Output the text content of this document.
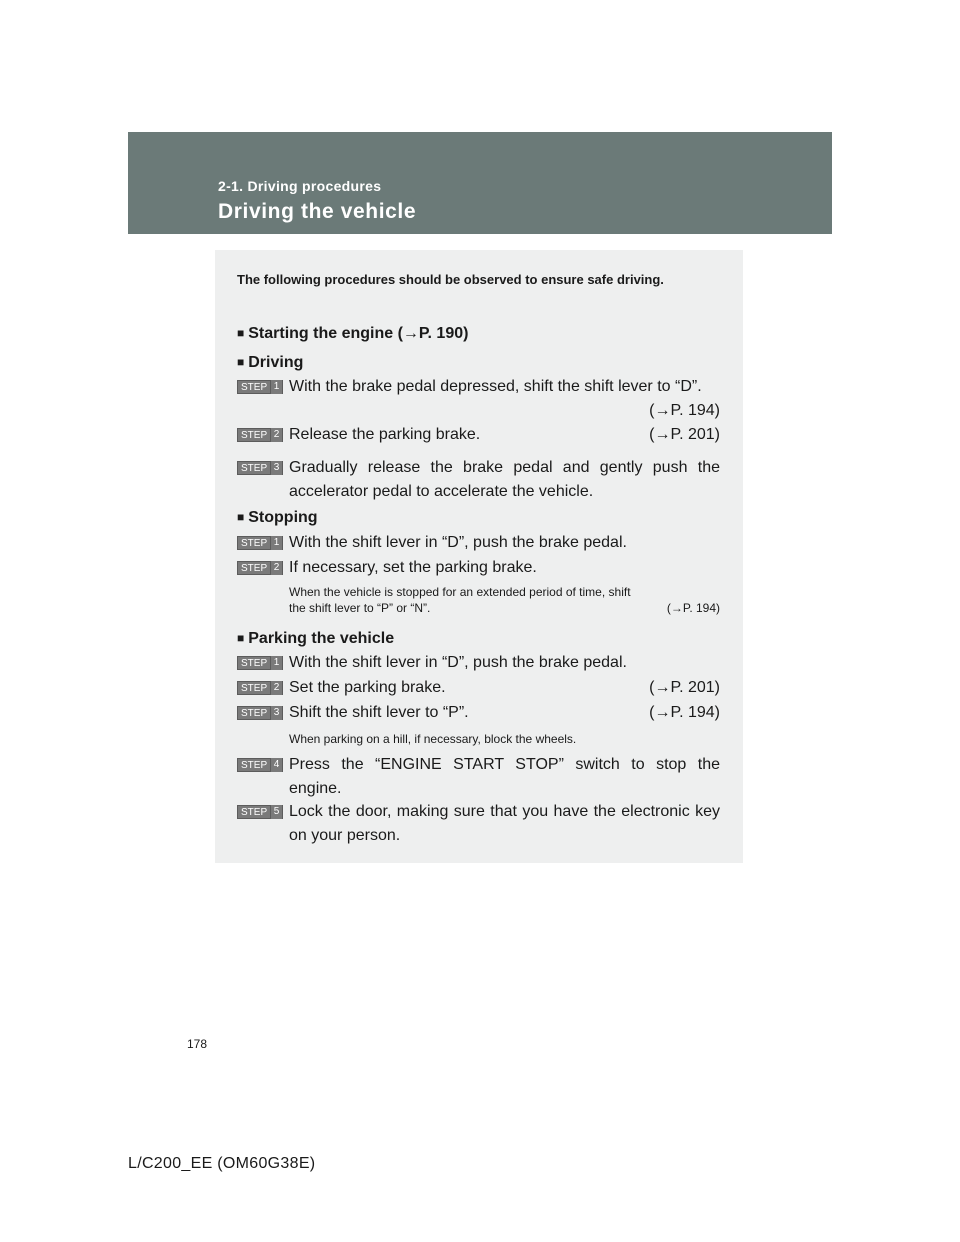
2-1. Driving procedures
Driving the vehicle
The following procedures should be observed to ensure safe driving.
■ Starting the engine (→P. 190)
■ Driving
STEP 1 With the brake pedal depressed, shift the shift lever to “D”.
(→P. 194)
STEP 2 Release the parking brake.	(→P. 201)
STEP 3 Gradually release the brake pedal and gently push the accelerator pedal to accelerate the vehicle.
■ Stopping
STEP 1 With the shift lever in “D”, push the brake pedal.
STEP 2 If necessary, set the parking brake.
When the vehicle is stopped for an extended period of time, shift the shift lever to “P” or “N”.	(→P. 194)
■ Parking the vehicle
STEP 1 With the shift lever in “D”, push the brake pedal.
STEP 2 Set the parking brake.	(→P. 201)
STEP 3 Shift the shift lever to “P”.	(→P. 194)
When parking on a hill, if necessary, block the wheels.
STEP 4 Press the “ENGINE START STOP” switch to stop the engine.
STEP 5 Lock the door, making sure that you have the electronic key on your person.
178
L/C200_EE (OM60G38E)
